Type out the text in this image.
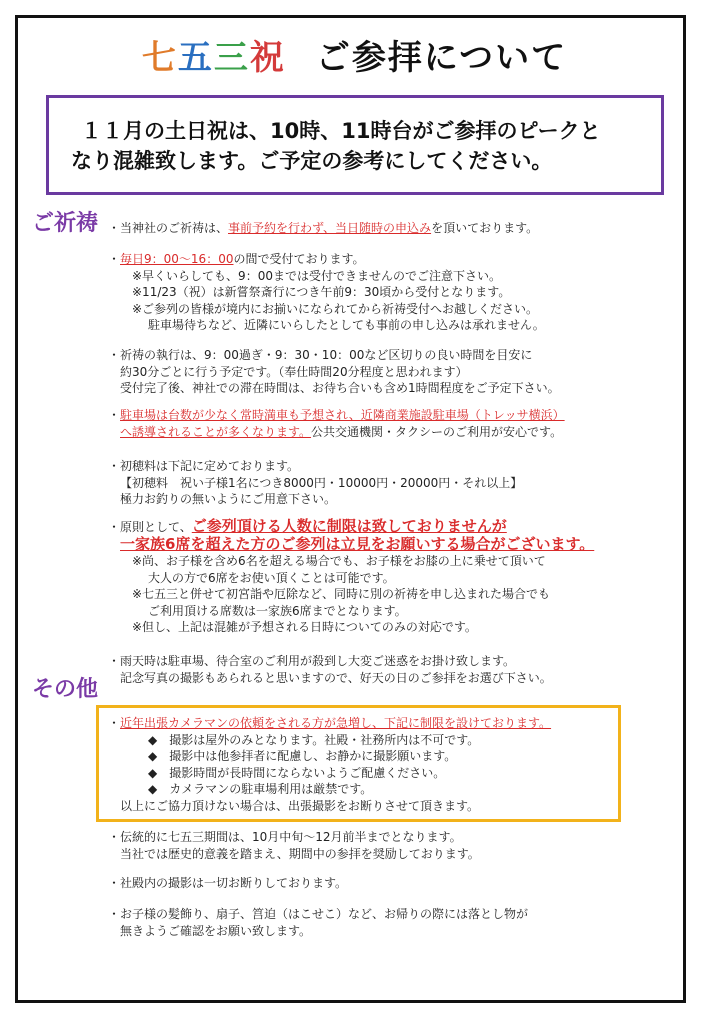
七五三祝 ご参拝について

１１月の土日祝は、10時、11時台がご参拝のピークと

なり混雑致します。ご予定の参考にしてください。

ご祈祷
その他
・当神社のご祈祷は、事前予約を行わず、当日随時の申込みを頂いております。
・毎日9：00～16：00の間で受付ております。
※早くいらしても、9：00までは受付できませんのでご注意下さい。
※11/23（祝）は新嘗祭斎行につき午前9：30頃から受付となります。
※ご参列の皆様が境内にお揃いになられてから祈祷受付へお越しください。
駐車場待ちなど、近隣にいらしたとしても事前の申し込みは承れません。
・祈祷の執行は、9：00過ぎ・9：30・10：00など区切りの良い時間を目安に
約30分ごとに行う予定です。（奉仕時間20分程度と思われます）
受付完了後、神社での滞在時間は、お待ち合いも含め1時間程度をご予定下さい。
・駐車場は台数が少なく常時満車も予想され、近隣商業施設駐車場（トレッサ横浜）
へ誘導されることが多くなります。公共交通機関・タクシーのご利用が安心です。
・初穂料は下記に定めております。
【初穂料　祝い子様1名につき8000円・10000円・20000円・それ以上】
極力お釣りの無いようにご用意下さい。
・原則として、ご参列頂ける人数に制限は致しておりませんが
一家族6席を超えた方のご参列は立見をお願いする場合がございます。
※尚、お子様を含め6名を超える場合でも、お子様をお膝の上に乗せて頂いて
大人の方で6席をお使い頂くことは可能です。
※七五三と併せて初宮詣や厄除など、同時に別の祈祷を申し込まれた場合でも
ご利用頂ける席数は一家族6席までとなります。
※但し、上記は混雑が予想される日時についてのみの対応です。
・雨天時は駐車場、待合室のご利用が殺到し大変ご迷惑をお掛け致します。
記念写真の撮影もあられると思いますので、好天の日のご参拝をお選び下さい。
・近年出張カメラマンの依頼をされる方が急増し、下記に制限を設けております。
◆　撮影は屋外のみとなります。社殿・社務所内は不可です。
◆　撮影中は他参拝者に配慮し、お静かに撮影願います。
◆　撮影時間が長時間にならないようご配慮ください。
◆　カメラマンの駐車場利用は厳禁です。
以上にご協力頂けない場合は、出張撮影をお断りさせて頂きます。
・伝統的に七五三期間は、10月中旬～12月前半までとなります。
当社では歴史的意義を踏まえ、期間中の参拝を奨励しております。
・社殿内の撮影は一切お断りしております。
・お子様の髪飾り、扇子、筥迫（はこせこ）など、お帰りの際には落とし物が
無きようご確認をお願い致します。
